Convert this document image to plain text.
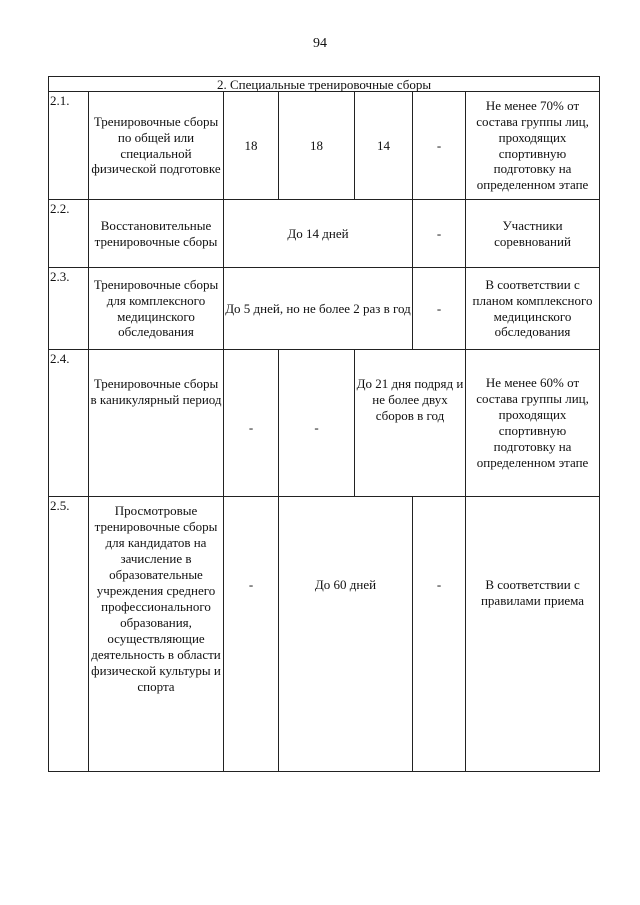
94
2. Специальные тренировочные сборы						
2.1.	Тренировочные сборы по общей или специальной физической подготовке	18	18	14	-	Не менее 70% от состава группы лиц, проходящих спортивную подготовку на определенном этапе
2.2.	Восстановительные тренировочные сборы	До 14 дней			-	Участники соревнований
2.3.	Тренировочные сборы для комплексного медицинского обследования	До 5 дней, но не более 2 раз в год			-	В соответствии с планом комплексного медицинского обследования
2.4.	Тренировочные сборы в каникулярный период	-	-	До 21 дня подряд и не более двух сборов в год		Не менее 60% от состава группы лиц, проходящих спортивную подготовку на определенном этапе
2.5.	Просмотровые тренировочные сборы для кандидатов на зачисление в образовательные учреждения среднего профессионального образования, осуществляющие деятельность в области физической культуры и спорта	-	До 60 дней		-	В соответствии с правилами приема
